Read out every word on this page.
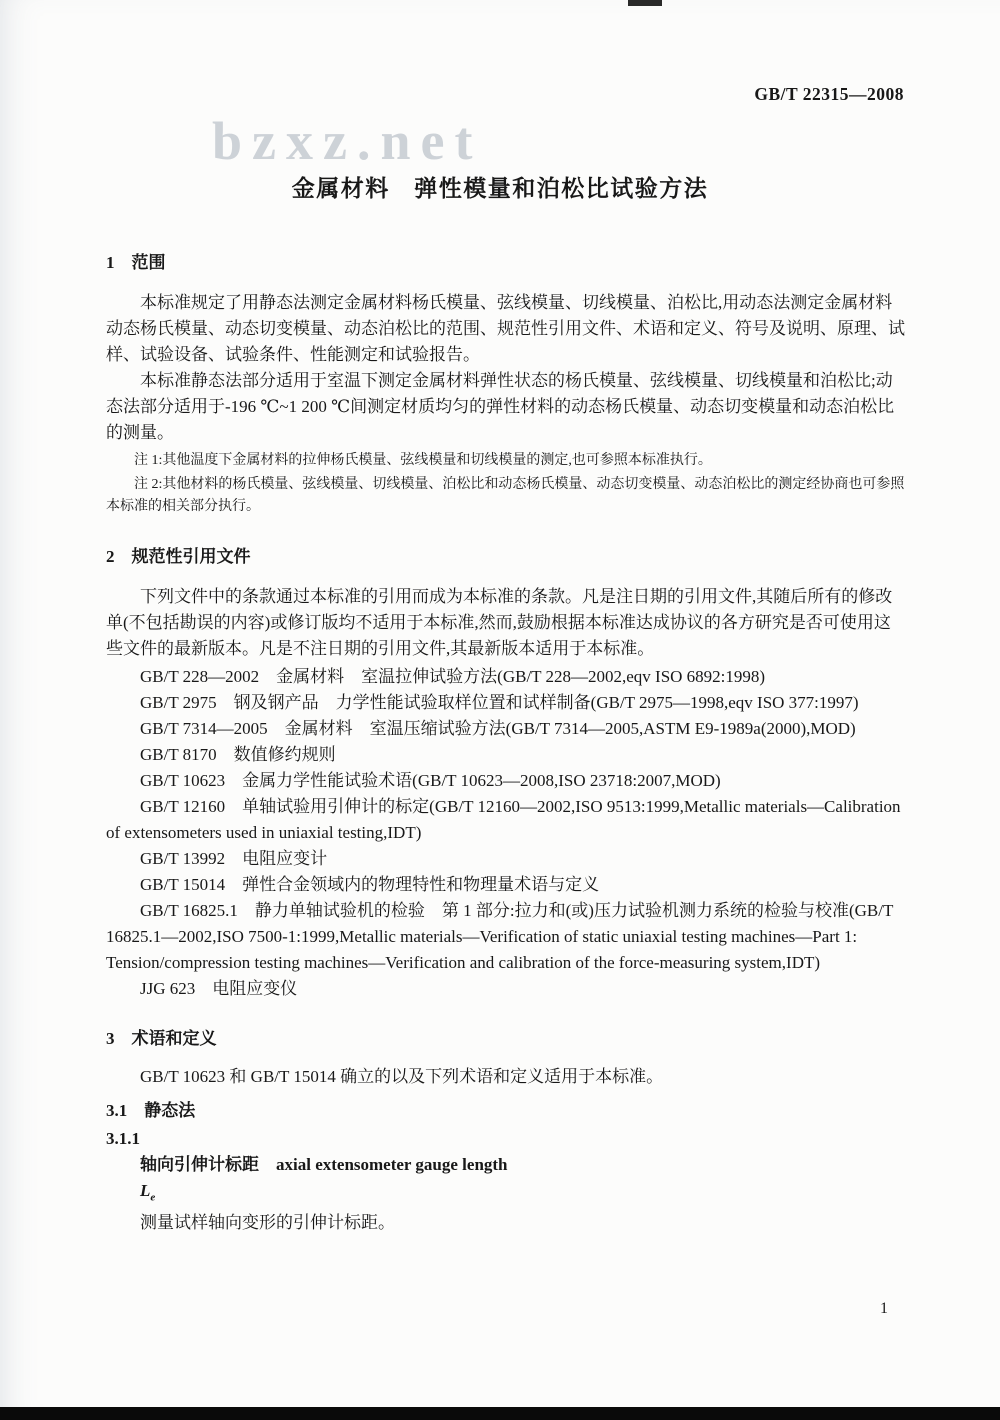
GB/T 22315—2008
bzxz.net
金属材料　弹性模量和泊松比试验方法
1　范围

本标准规定了用静态法测定金属材料杨氏模量、弦线模量、切线模量、泊松比,用动态法测定金属材料动态杨氏模量、动态切变模量、动态泊松比的范围、规范性引用文件、术语和定义、符号及说明、原理、试样、试验设备、试验条件、性能测定和试验报告。

本标准静态法部分适用于室温下测定金属材料弹性状态的杨氏模量、弦线模量、切线模量和泊松比;动态法部分适用于-196 ℃~1 200 ℃间测定材质均匀的弹性材料的动态杨氏模量、动态切变模量和动态泊松比的测量。

注 1:其他温度下金属材料的拉伸杨氏模量、弦线模量和切线模量的测定,也可参照本标准执行。

注 2:其他材料的杨氏模量、弦线模量、切线模量、泊松比和动态杨氏模量、动态切变模量、动态泊松比的测定经协商也可参照本标准的相关部分执行。

2　规范性引用文件

下列文件中的条款通过本标准的引用而成为本标准的条款。凡是注日期的引用文件,其随后所有的修改单(不包括勘误的内容)或修订版均不适用于本标准,然而,鼓励根据本标准达成协议的各方研究是否可使用这些文件的最新版本。凡是不注日期的引用文件,其最新版本适用于本标准。

GB/T 228—2002　金属材料　室温拉伸试验方法(GB/T 228—2002,eqv ISO 6892:1998)

GB/T 2975　钢及钢产品　力学性能试验取样位置和试样制备(GB/T 2975—1998,eqv ISO 377:1997)

GB/T 7314—2005　金属材料　室温压缩试验方法(GB/T 7314—2005,ASTM E9-1989a(2000),MOD)

GB/T 8170　数值修约规则

GB/T 10623　金属力学性能试验术语(GB/T 10623—2008,ISO 23718:2007,MOD)

GB/T 12160　单轴试验用引伸计的标定(GB/T 12160—2002,ISO 9513:1999,Metallic materials—Calibration of extensometers used in uniaxial testing,IDT)

GB/T 13992　电阻应变计

GB/T 15014　弹性合金领域内的物理特性和物理量术语与定义

GB/T 16825.1　静力单轴试验机的检验　第 1 部分:拉力和(或)压力试验机测力系统的检验与校准(GB/T 16825.1—2002,ISO 7500-1:1999,Metallic materials—Verification of static uniaxial testing machines—Part 1: Tension/compression testing machines—Verification and calibration of the force-measuring system,IDT)

JJG 623　电阻应变仪

3　术语和定义

GB/T 10623 和 GB/T 15014 确立的以及下列术语和定义适用于本标准。

3.1　静态法

3.1.1

轴向引伸计标距　axial extensometer gauge length

$L_e$

测量试样轴向变形的引伸计标距。

1
